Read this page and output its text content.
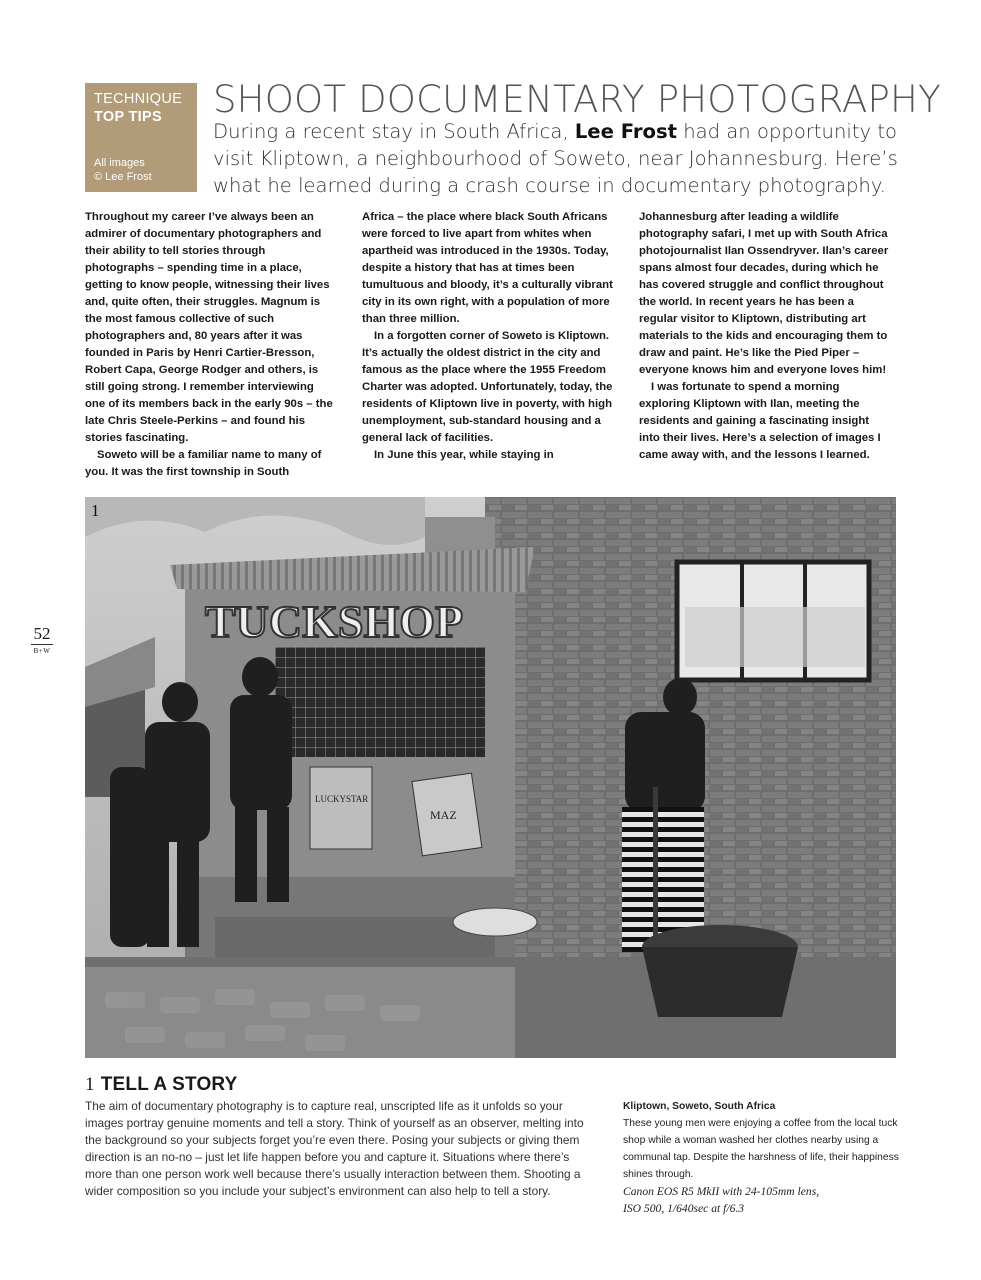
TECHNIQUE
TOP TIPS
All images
© Lee Frost
SHOOT DOCUMENTARY PHOTOGRAPHY
During a recent stay in South Africa, Lee Frost had an opportunity to visit Kliptown, a neighbourhood of Soweto, near Johannesburg. Here’s what he learned during a crash course in documentary photography.

Throughout my career I’ve always been an admirer of documentary photographers and their ability to tell stories through photographs – spending time in a place, getting to know people, witnessing their lives and, quite often, their struggles. Magnum is the most famous collective of such photographers and, 80 years after it was founded in Paris by Henri Cartier-Bresson, Robert Capa, George Rodger and others, is still going strong. I remember interviewing one of its members back in the early 90s – the late Chris Steele-Perkins – and found his stories fascinating.

Soweto will be a familiar name to many of you. It was the first township in South

Africa – the place where black South Africans were forced to live apart from whites when apartheid was introduced in the 1930s. Today, despite a history that has at times been tumultuous and bloody, it’s a culturally vibrant city in its own right, with a population of more than three million.

In a forgotten corner of Soweto is Kliptown. It’s actually the oldest district in the city and famous as the place where the 1955 Freedom Charter was adopted. Unfortunately, today, the residents of Kliptown live in poverty, with high unemployment, sub-standard housing and a general lack of facilities.

In June this year, while staying in

Johannesburg after leading a wildlife photography safari, I met up with South Africa photojournalist Ilan Ossendryver. Ilan’s career spans almost four decades, during which he has covered struggle and conflict throughout the world. In recent years he has been a regular visitor to Kliptown, distributing art materials to the kids and encouraging them to draw and paint. He’s like the Pied Piper – everyone knows him and everyone loves him!

I was fortunate to spend a morning exploring Kliptown with Ilan, meeting the residents and gaining a fascinating insight into their lives. Here’s a selection of images I came away with, and the lessons I learned.

TUCKSHOP
LUCKYSTAR
MAZ
1
52
B+W
1 TELL A STORY
The aim of documentary photography is to capture real, unscripted life as it unfolds so your images portray genuine moments and tell a story. Think of yourself as an observer, melting into the background so your subjects forget you’re even there. Posing your subjects or giving them direction is an no-no – just let life happen before you and capture it. Situations where there’s more than one person work well because there’s usually interaction between them. Shooting a wider composition so you include your subject’s environment can also help to tell a story.
Kliptown, Soweto, South Africa
These young men were enjoying a coffee from the local tuck shop while a woman washed her clothes nearby using a communal tap. Despite the harshness of life, their happiness shines through.
Canon EOS R5 MkII with 24-105mm lens,
ISO 500, 1/640sec at f/6.3
